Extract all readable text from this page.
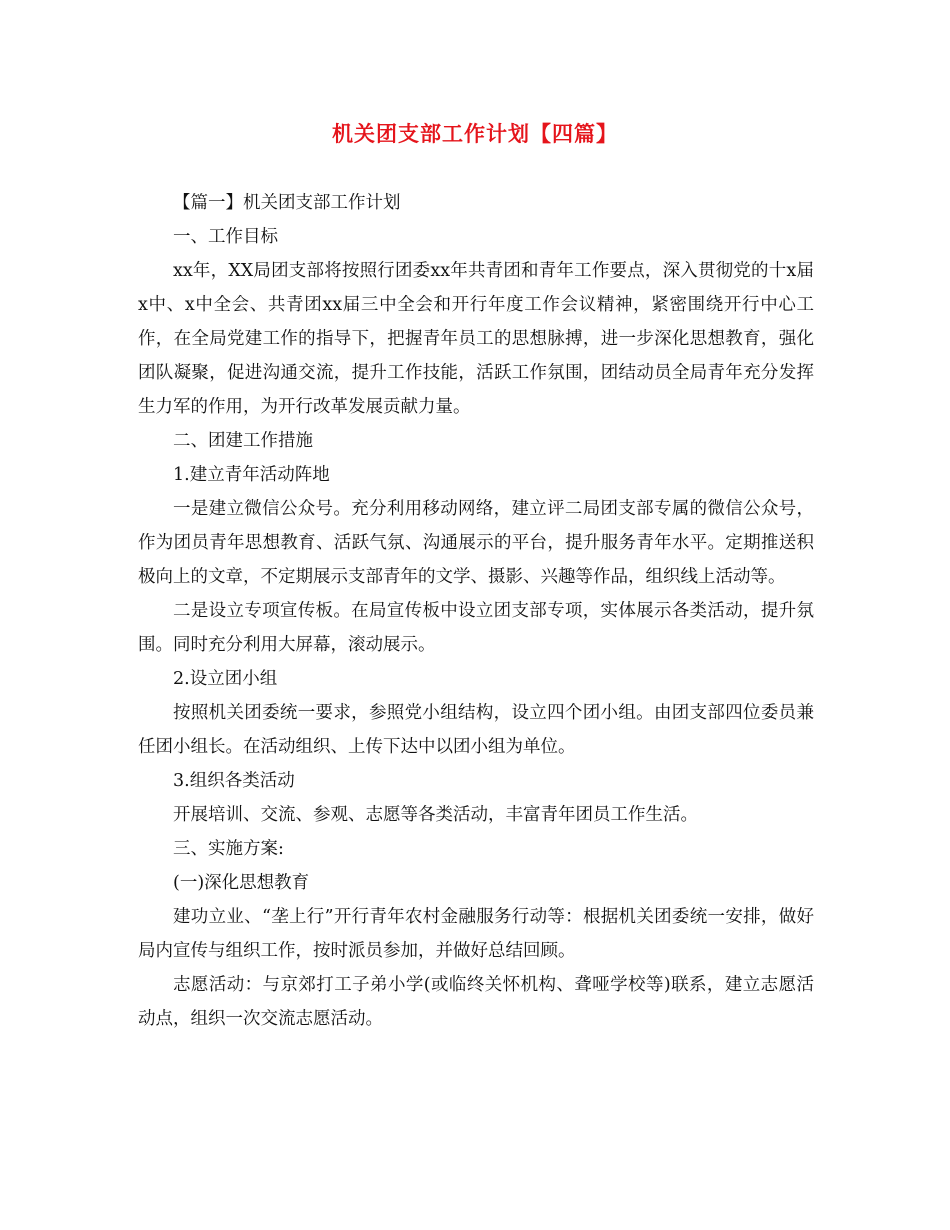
机关团支部工作计划【四篇】

【篇一】机关团支部工作计划

一、工作目标

xx年，XX局团支部将按照行团委xx年共青团和青年工作要点，深入贯彻党的十x届x中、x中全会、共青团xx届三中全会和开行年度工作会议精神，紧密围绕开行中心工作，在全局党建工作的指导下，把握青年员工的思想脉搏，进一步深化思想教育，强化团队凝聚，促进沟通交流，提升工作技能，活跃工作氛围，团结动员全局青年充分发挥生力军的作用，为开行改革发展贡献力量。

二、团建工作措施

1.建立青年活动阵地

一是建立微信公众号。充分利用移动网络，建立评二局团支部专属的微信公众号，作为团员青年思想教育、活跃气氛、沟通展示的平台，提升服务青年水平。定期推送积极向上的文章，不定期展示支部青年的文学、摄影、兴趣等作品，组织线上活动等。

二是设立专项宣传板。在局宣传板中设立团支部专项，实体展示各类活动，提升氛围。同时充分利用大屏幕，滚动展示。

2.设立团小组

按照机关团委统一要求，参照党小组结构，设立四个团小组。由团支部四位委员兼任团小组长。在活动组织、上传下达中以团小组为单位。

3.组织各类活动

开展培训、交流、参观、志愿等各类活动，丰富青年团员工作生活。

三、实施方案:

(一)深化思想教育

建功立业、“垄上行”开行青年农村金融服务行动等：根据机关团委统一安排，做好局内宣传与组织工作，按时派员参加，并做好总结回顾。

志愿活动：与京郊打工子弟小学(或临终关怀机构、聋哑学校等)联系，建立志愿活动点，组织一次交流志愿活动。
